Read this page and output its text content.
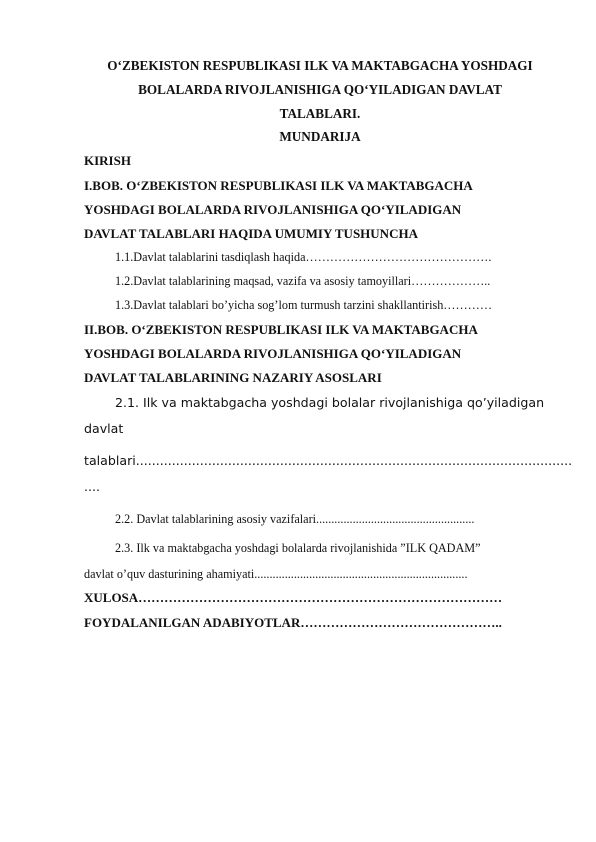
O‘ZBEKISTON RESPUBLIKASI ILK VA MAKTABGACHA YOSHDAGI
BOLALARDA RIVOJLANISHIGA QO‘YILADIGAN DAVLAT
TALABLARI.
MUNDARIJA
KIRISH
I.BOB. O‘ZBEKISTON RESPUBLIKASI ILK VA MAKTABGACHA
YOSHDAGI BOLALARDA RIVOJLANISHIGA QO‘YILADIGAN
DAVLAT TALABLARI HAQIDA UMUMIY TUSHUNCHA
1.1.Davlat talablarini tasdiqlash haqida……………………………………….
1.2.Davlat talablarining maqsad, vazifa va asosiy tamoyillari………………..
1.3.Davlat talablari bo’yicha sog’lom turmush tarzini shakllantirish…………
II.BOB. O‘ZBEKISTON RESPUBLIKASI ILK VA MAKTABGACHA
YOSHDAGI BOLALARDA RIVOJLANISHIGA QO‘YILADIGAN
DAVLAT TALABLARINING NAZARIY ASOSLARI
2.1. Ilk va maktabgacha yoshdagi bolalar rivojlanishiga qo’yiladigan
davlat
talablari.............................................................................................................
....
2.2. Davlat talablarining asosiy vazifalari....................................................
2.3. Ilk va maktabgacha yoshdagi bolalarda rivojlanishida ”ILK QADAM”
davlat o’quv dasturining ahamiyati......................................................................
XULOSA…………………………………………………………………………
FOYDALANILGAN ADABIYOTLAR………………………………………..
